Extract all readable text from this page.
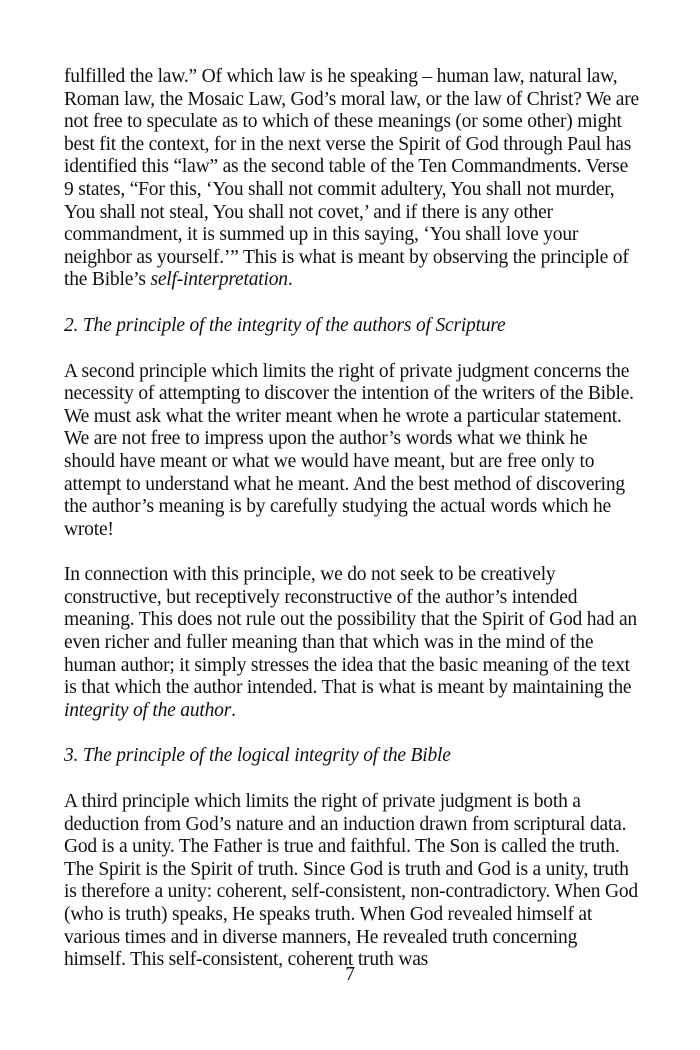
fulfilled the law.” Of which law is he speaking – human law, natural law, Roman law, the Mosaic Law, God’s moral law, or the law of Christ? We are not free to speculate as to which of these meanings (or some other) might best fit the context, for in the next verse the Spirit of God through Paul has identified this “law” as the second table of the Ten Commandments. Verse 9 states, “For this, ‘You shall not commit adultery, You shall not murder, You shall not steal, You shall not covet,’ and if there is any other commandment, it is summed up in this saying, ‘You shall love your neighbor as yourself.’” This is what is meant by observing the principle of the Bible’s self-interpretation.

2. The principle of the integrity of the authors of Scripture

A second principle which limits the right of private judgment concerns the necessity of attempting to discover the intention of the writers of the Bible. We must ask what the writer meant when he wrote a particular statement. We are not free to impress upon the author’s words what we think he should have meant or what we would have meant, but are free only to attempt to understand what he meant. And the best method of discovering the author’s meaning is by carefully studying the actual words which he wrote!

In connection with this principle, we do not seek to be creatively constructive, but receptively reconstructive of the author’s intended meaning. This does not rule out the possibility that the Spirit of God had an even richer and fuller meaning than that which was in the mind of the human author; it simply stresses the idea that the basic meaning of the text is that which the author intended. That is what is meant by maintaining the integrity of the author.

3. The principle of the logical integrity of the Bible

A third principle which limits the right of private judgment is both a deduction from God’s nature and an induction drawn from scriptural data. God is a unity. The Father is true and faithful. The Son is called the truth. The Spirit is the Spirit of truth. Since God is truth and God is a unity, truth is therefore a unity: coherent, self-consistent, non-contradictory. When God (who is truth) speaks, He speaks truth. When God revealed himself at various times and in diverse manners, He revealed truth concerning himself. This self-consistent, coherent truth was

7
